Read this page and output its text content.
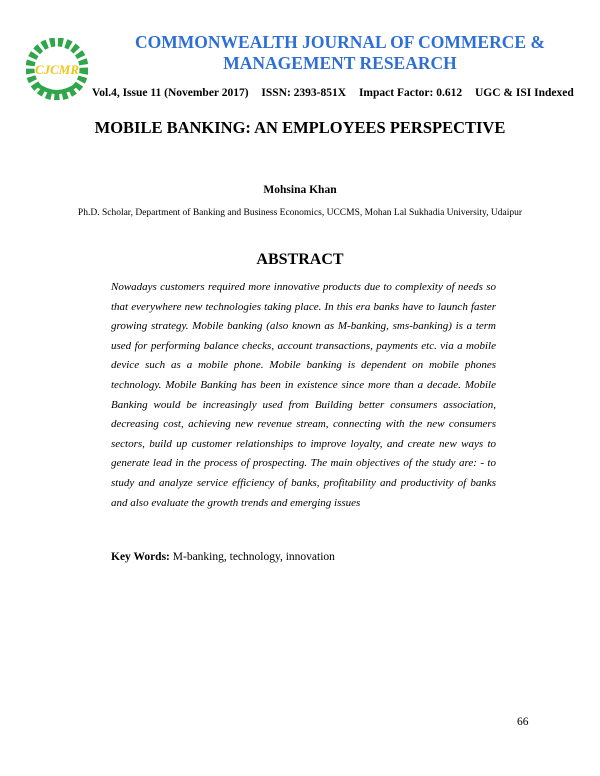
CJCMR
COMMONWEALTH JOURNAL OF COMMERCE &
MANAGEMENT RESEARCH
Vol.4, Issue 11 (November 2017) ISSN: 2393-851X Impact Factor: 0.612 UGC & ISI Indexed
MOBILE BANKING: AN EMPLOYEES PERSPECTIVE
Mohsina Khan
Ph.D. Scholar, Department of Banking and Business Economics, UCCMS, Mohan Lal Sukhadia University, Udaipur
ABSTRACT

Nowadays customers required more innovative products due to complexity of needs so that everywhere new technologies taking place. In this era banks have to launch faster growing strategy. Mobile banking (also known as M-banking, sms-banking) is a term used for performing balance checks, account transactions, payments etc. via a mobile device such as a mobile phone. Mobile banking is dependent on mobile phones technology. Mobile Banking has been in existence since more than a decade. Mobile Banking would be increasingly used from Building better consumers association, decreasing cost, achieving new revenue stream, connecting with the new consumers sectors, build up customer relationships to improve loyalty, and create new ways to generate lead in the process of prospecting. The main objectives of the study are: - to study and analyze service efficiency of banks, profitability and productivity of banks and also evaluate the growth trends and emerging issues

Key Words: M-banking, technology, innovation
66
